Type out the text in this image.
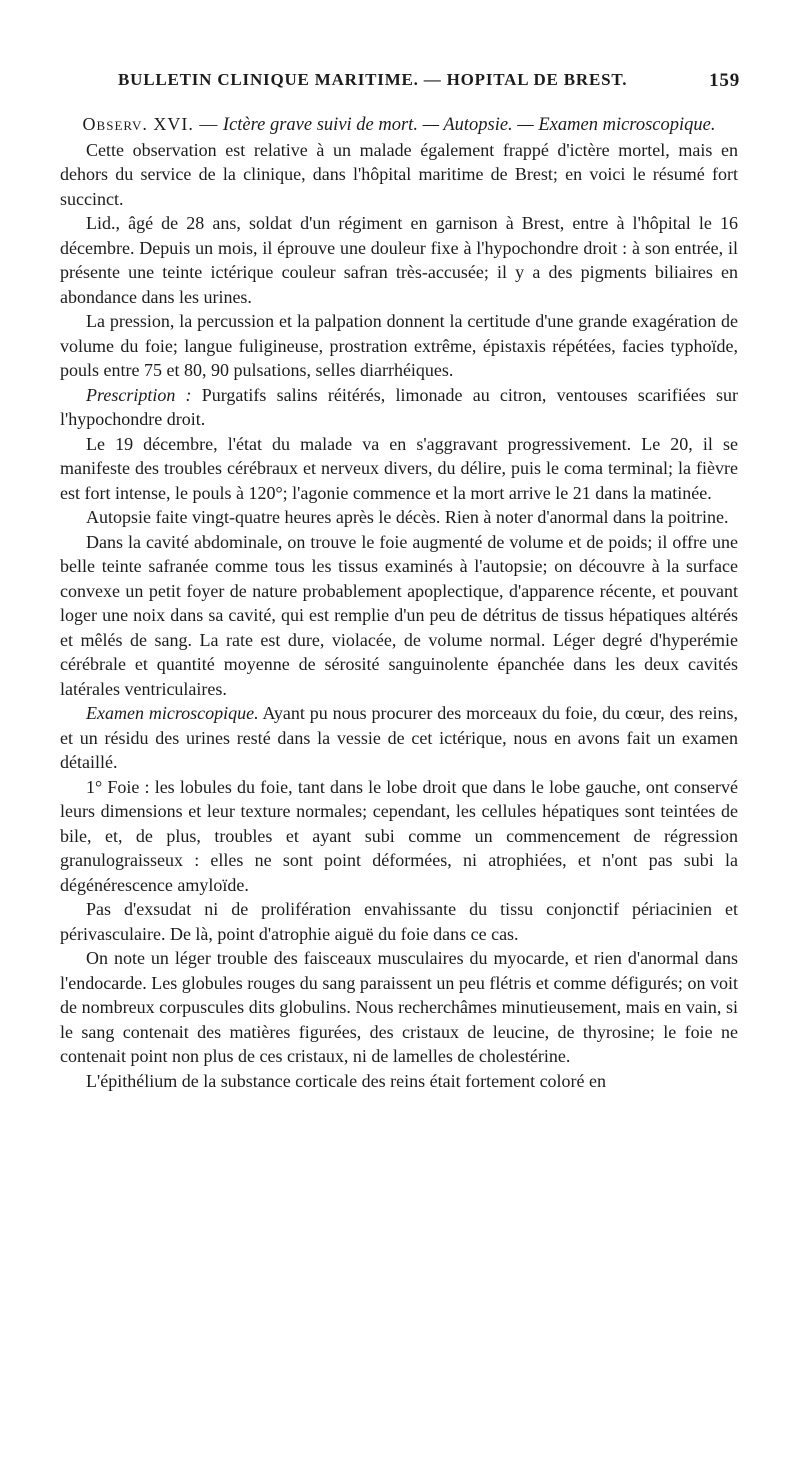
BULLETIN CLINIQUE MARITIME. — HOPITAL DE BREST.	159

Observ. XVI. — Ictère grave suivi de mort. — Autopsie. — Examen microscopique.

Cette observation est relative à un malade également frappé d'ictère mortel, mais en dehors du service de la clinique, dans l'hôpital maritime de Brest; en voici le résumé fort succinct.

Lid., âgé de 28 ans, soldat d'un régiment en garnison à Brest, entre à l'hôpital le 16 décembre. Depuis un mois, il éprouve une douleur fixe à l'hypochondre droit : à son entrée, il présente une teinte ictérique couleur safran très-accusée; il y a des pigments biliaires en abondance dans les urines.

La pression, la percussion et la palpation donnent la certitude d'une grande exagération de volume du foie; langue fuligineuse, prostration extrême, épistaxis répétées, facies typhoïde, pouls entre 75 et 80, 90 pulsations, selles diarrhéiques.

Prescription : Purgatifs salins réitérés, limonade au citron, ventouses scarifiées sur l'hypochondre droit.

Le 19 décembre, l'état du malade va en s'aggravant progressivement. Le 20, il se manifeste des troubles cérébraux et nerveux divers, du délire, puis le coma terminal; la fièvre est fort intense, le pouls à 120°; l'agonie commence et la mort arrive le 21 dans la matinée.

Autopsie faite vingt-quatre heures après le décès. Rien à noter d'anormal dans la poitrine.

Dans la cavité abdominale, on trouve le foie augmenté de volume et de poids; il offre une belle teinte safranée comme tous les tissus examinés à l'autopsie; on découvre à la surface convexe un petit foyer de nature probablement apoplectique, d'apparence récente, et pouvant loger une noix dans sa cavité, qui est remplie d'un peu de détritus de tissus hépatiques altérés et mêlés de sang. La rate est dure, violacée, de volume normal. Léger degré d'hyperémie cérébrale et quantité moyenne de sérosité sanguinolente épanchée dans les deux cavités latérales ventriculaires.

Examen microscopique. Ayant pu nous procurer des morceaux du foie, du cœur, des reins, et un résidu des urines resté dans la vessie de cet ictérique, nous en avons fait un examen détaillé.

1° Foie : les lobules du foie, tant dans le lobe droit que dans le lobe gauche, ont conservé leurs dimensions et leur texture normales; cependant, les cellules hépatiques sont teintées de bile, et, de plus, troubles et ayant subi comme un commencement de régression granulograisseux : elles ne sont point déformées, ni atrophiées, et n'ont pas subi la dégénérescence amyloïde.

Pas d'exsudat ni de prolifération envahissante du tissu conjonctif périacinien et périvasculaire. De là, point d'atrophie aiguë du foie dans ce cas.

On note un léger trouble des faisceaux musculaires du myocarde, et rien d'anormal dans l'endocarde. Les globules rouges du sang paraissent un peu flétris et comme défigurés; on voit de nombreux corpuscules dits globulins. Nous recherchâmes minutieusement, mais en vain, si le sang contenait des matières figurées, des cristaux de leucine, de thyrosine; le foie ne contenait point non plus de ces cristaux, ni de lamelles de cholestérine.

L'épithélium de la substance corticale des reins était fortement coloré en
